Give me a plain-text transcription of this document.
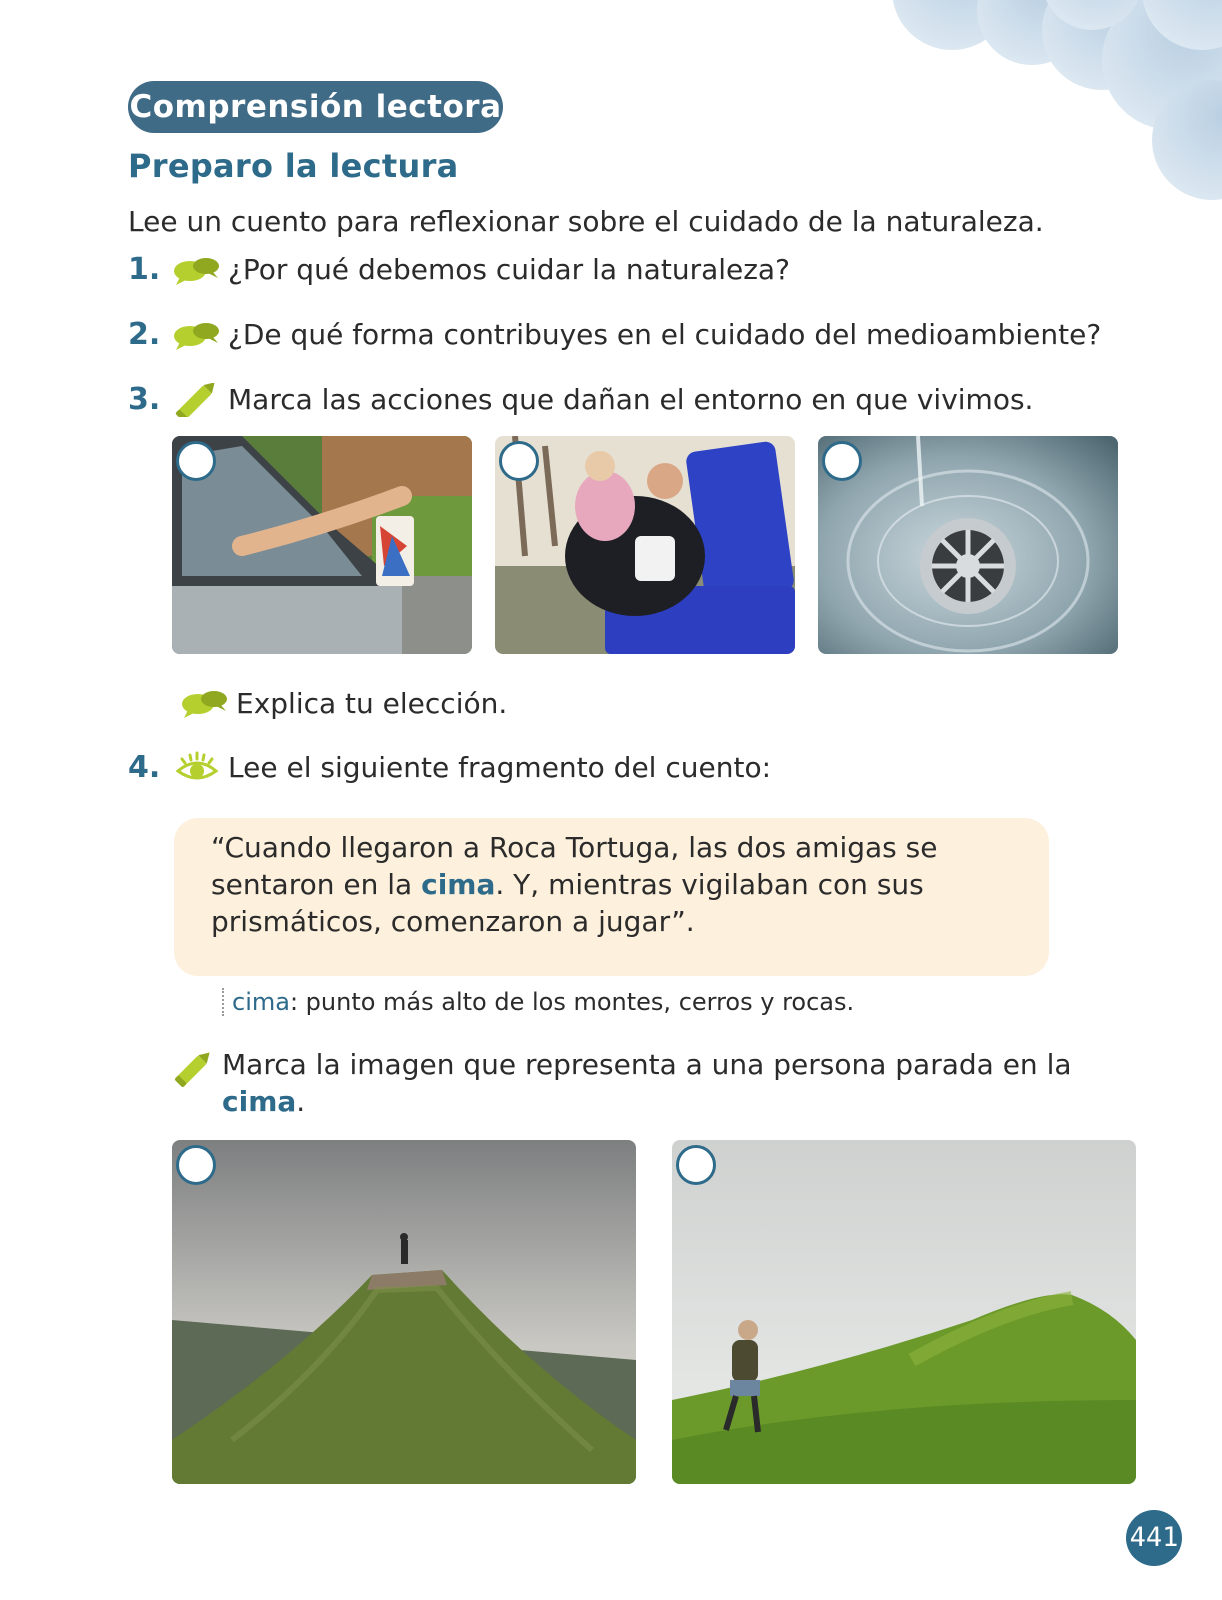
Comprensión lectora
Preparo la lectura
Lee un cuento para reflexionar sobre el cuidado de la naturaleza.
1.	¿Por qué debemos cuidar la naturaleza?
2.	¿De qué forma contribuyes en el cuidado del medioambiente?
3.	Marca las acciones que dañan el entorno en que vivimos.
Explica tu elección.
4.	Lee el siguiente fragmento del cuento:
“Cuando llegaron a Roca Tortuga, las dos amigas se sentaron en la cima. Y, mientras vigilaban con sus prismáticos, comenzaron a jugar”.
cima: punto más alto de los montes, cerros y rocas.
Marca la imagen que representa a una persona parada en la cima.
441
